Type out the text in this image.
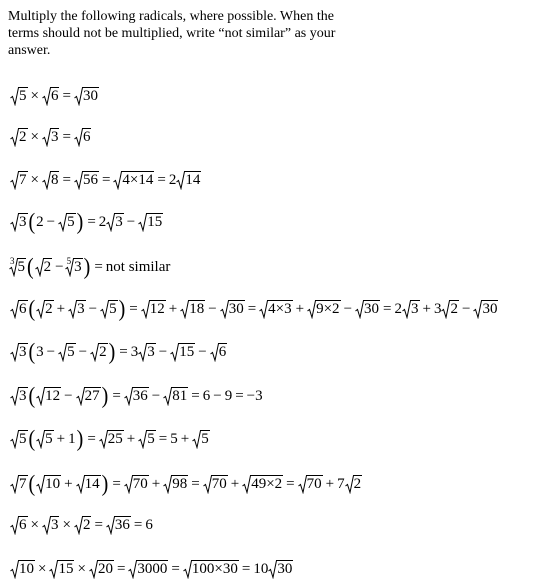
Multiply the following radicals, where possible. When the
terms should not be multiplied, write “not similar” as your
answer.
5 × 6 = 30
2 × 3 = 6
7 × 8 = 56 = 4×14 = 2 14
3 ( 2 − 5 ) = 2 3 − 15
3 5 ( 2 − 5 3 ) = not similar
6 ( 2 + 3 − 5 ) = 12 + 18 − 30 = 4×3 + 9×2 − 30 = 2 3 + 3 2 − 30
3 ( 3 − 5 − 2 ) = 3 3 − 15 − 6
3 ( 12 − 27 ) = 36 − 81 = 6 − 9 = −3
5 ( 5 + 1 ) = 25 + 5 = 5 + 5
7 ( 10 + 14 ) = 70 + 98 = 70 + 49×2 = 70 + 7 2
6 × 3 × 2 = 36 = 6
10 × 15 × 20 = 3000 = 100×30 = 10 30
